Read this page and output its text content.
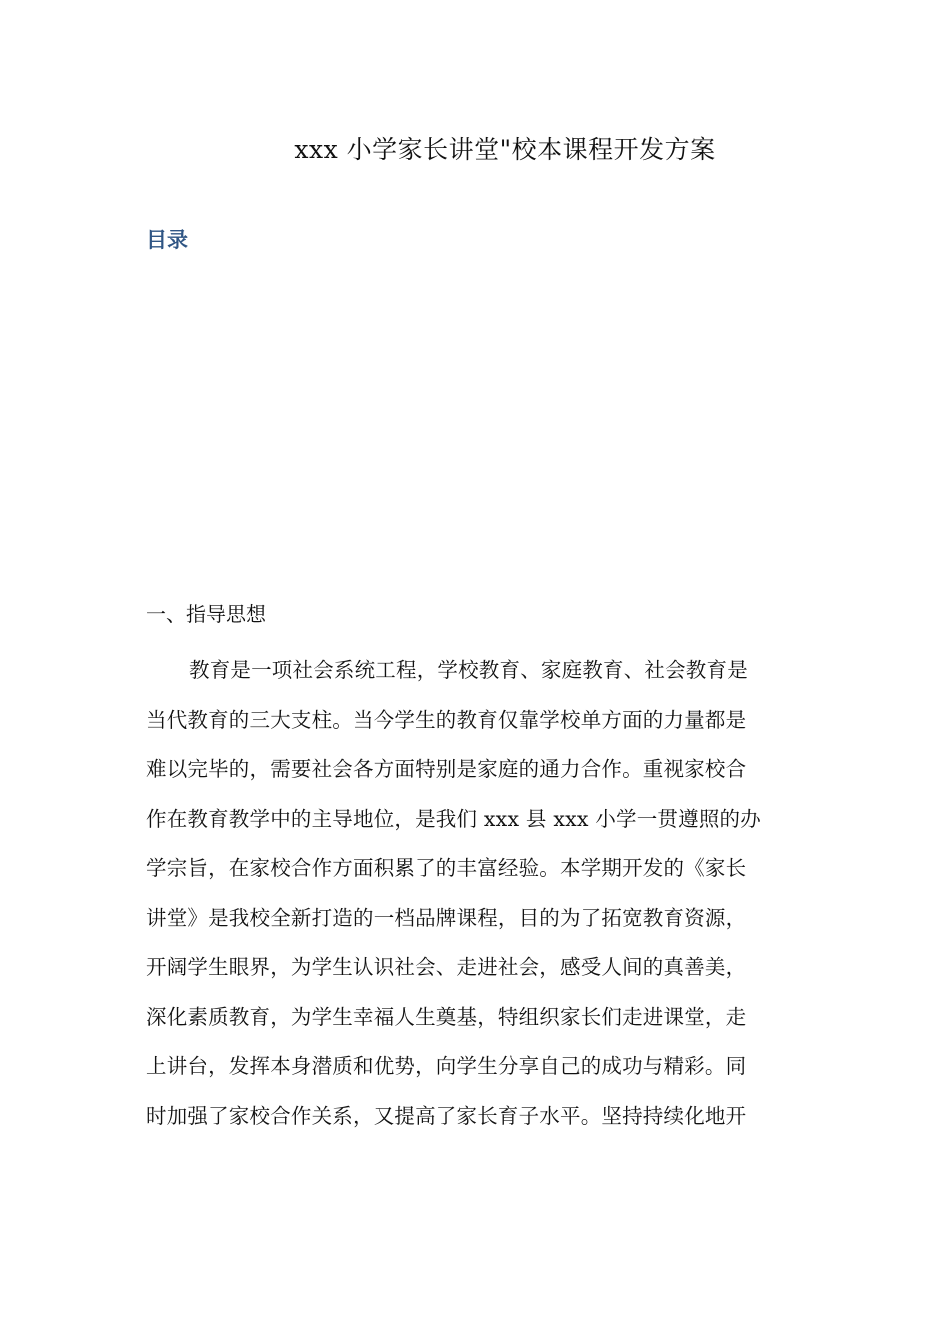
xxx 小学家长讲堂"校本课程开发方案
目录
一、指导思想
教育是一项社会系统工程，学校教育、家庭教育、社会教育是
当代教育的三大支柱。当今学生的教育仅靠学校单方面的力量都是
难以完毕的，需要社会各方面特别是家庭的通力合作。重视家校合
作在教育教学中的主导地位，是我们 xxx 县 xxx 小学一贯遵照的办
学宗旨，在家校合作方面积累了的丰富经验。本学期开发的《家长
讲堂》是我校全新打造的一档品牌课程，目的为了拓宽教育资源，
开阔学生眼界，为学生认识社会、走进社会，感受人间的真善美，
深化素质教育，为学生幸福人生奠基，特组织家长们走进课堂，走
上讲台，发挥本身潜质和优势，向学生分享自己的成功与精彩。同
时加强了家校合作关系，又提高了家长育子水平。坚持持续化地开
